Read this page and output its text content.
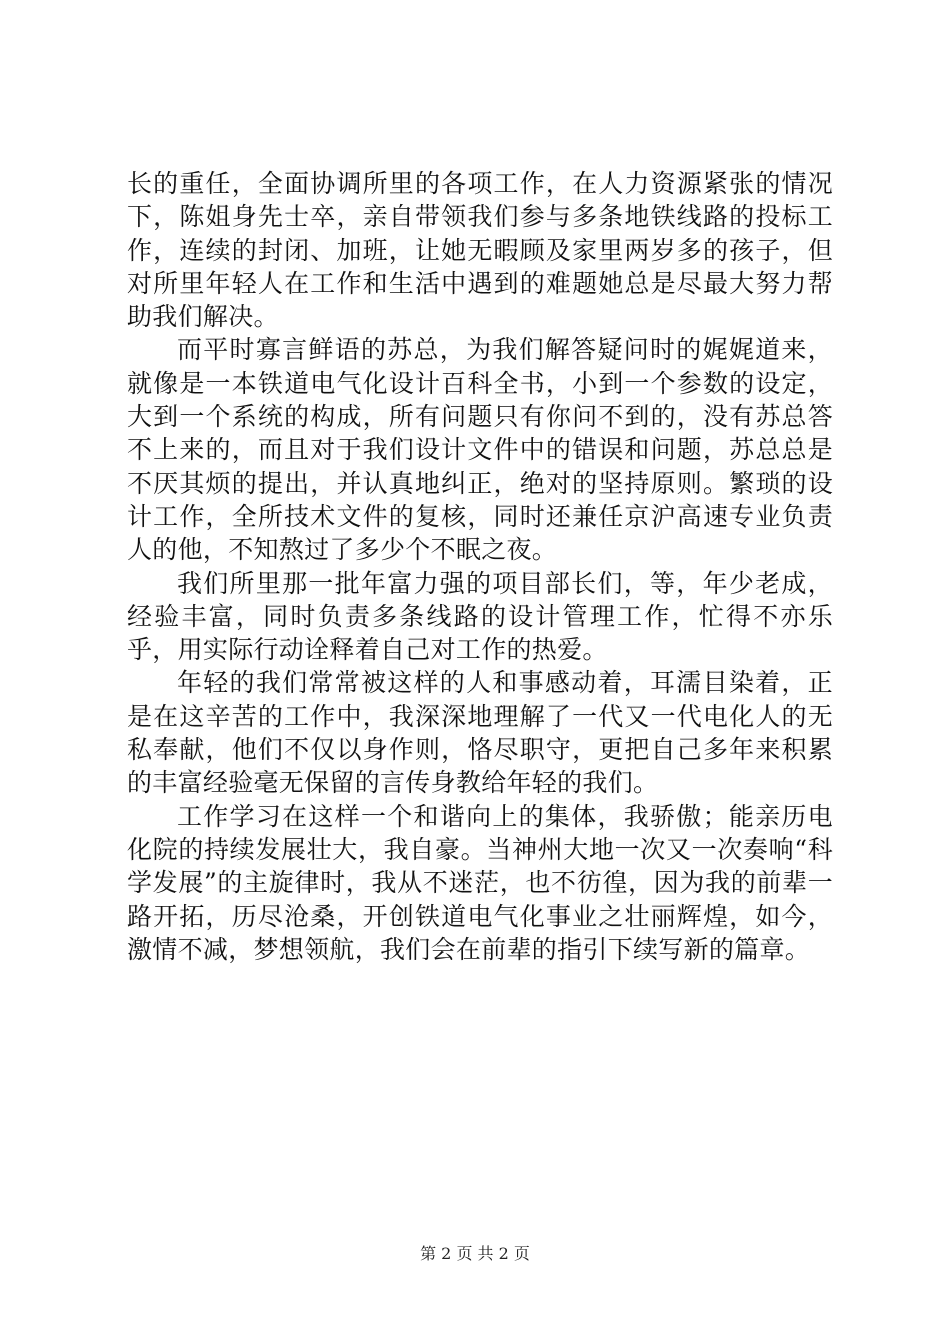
长的重任，全面协调所里的各项工作，在人力资源紧张的情况下，陈姐身先士卒，亲自带领我们参与多条地铁线路的投标工作，连续的封闭、加班，让她无暇顾及家里两岁多的孩子，但对所里年轻人在工作和生活中遇到的难题她总是尽最大努力帮助我们解决。

而平时寡言鲜语的苏总，为我们解答疑问时的娓娓道来，就像是一本铁道电气化设计百科全书，小到一个参数的设定，大到一个系统的构成，所有问题只有你问不到的，没有苏总答不上来的，而且对于我们设计文件中的错误和问题，苏总总是不厌其烦的提出，并认真地纠正，绝对的坚持原则。繁琐的设计工作，全所技术文件的复核，同时还兼任京沪高速专业负责人的他，不知熬过了多少个不眠之夜。

我们所里那一批年富力强的项目部长们，等，年少老成，经验丰富，同时负责多条线路的设计管理工作，忙得不亦乐乎，用实际行动诠释着自己对工作的热爱。

年轻的我们常常被这样的人和事感动着，耳濡目染着，正是在这辛苦的工作中，我深深地理解了一代又一代电化人的无私奉献，他们不仅以身作则，恪尽职守，更把自己多年来积累的丰富经验毫无保留的言传身教给年轻的我们。

工作学习在这样一个和谐向上的集体，我骄傲；能亲历电化院的持续发展壮大，我自豪。当神州大地一次又一次奏响“科学发展”的主旋律时，我从不迷茫，也不彷徨，因为我的前辈一路开拓，历尽沧桑，开创铁道电气化事业之壮丽辉煌，如今，激情不减，梦想领航，我们会在前辈的指引下续写新的篇章。

第 2 页 共 2 页
